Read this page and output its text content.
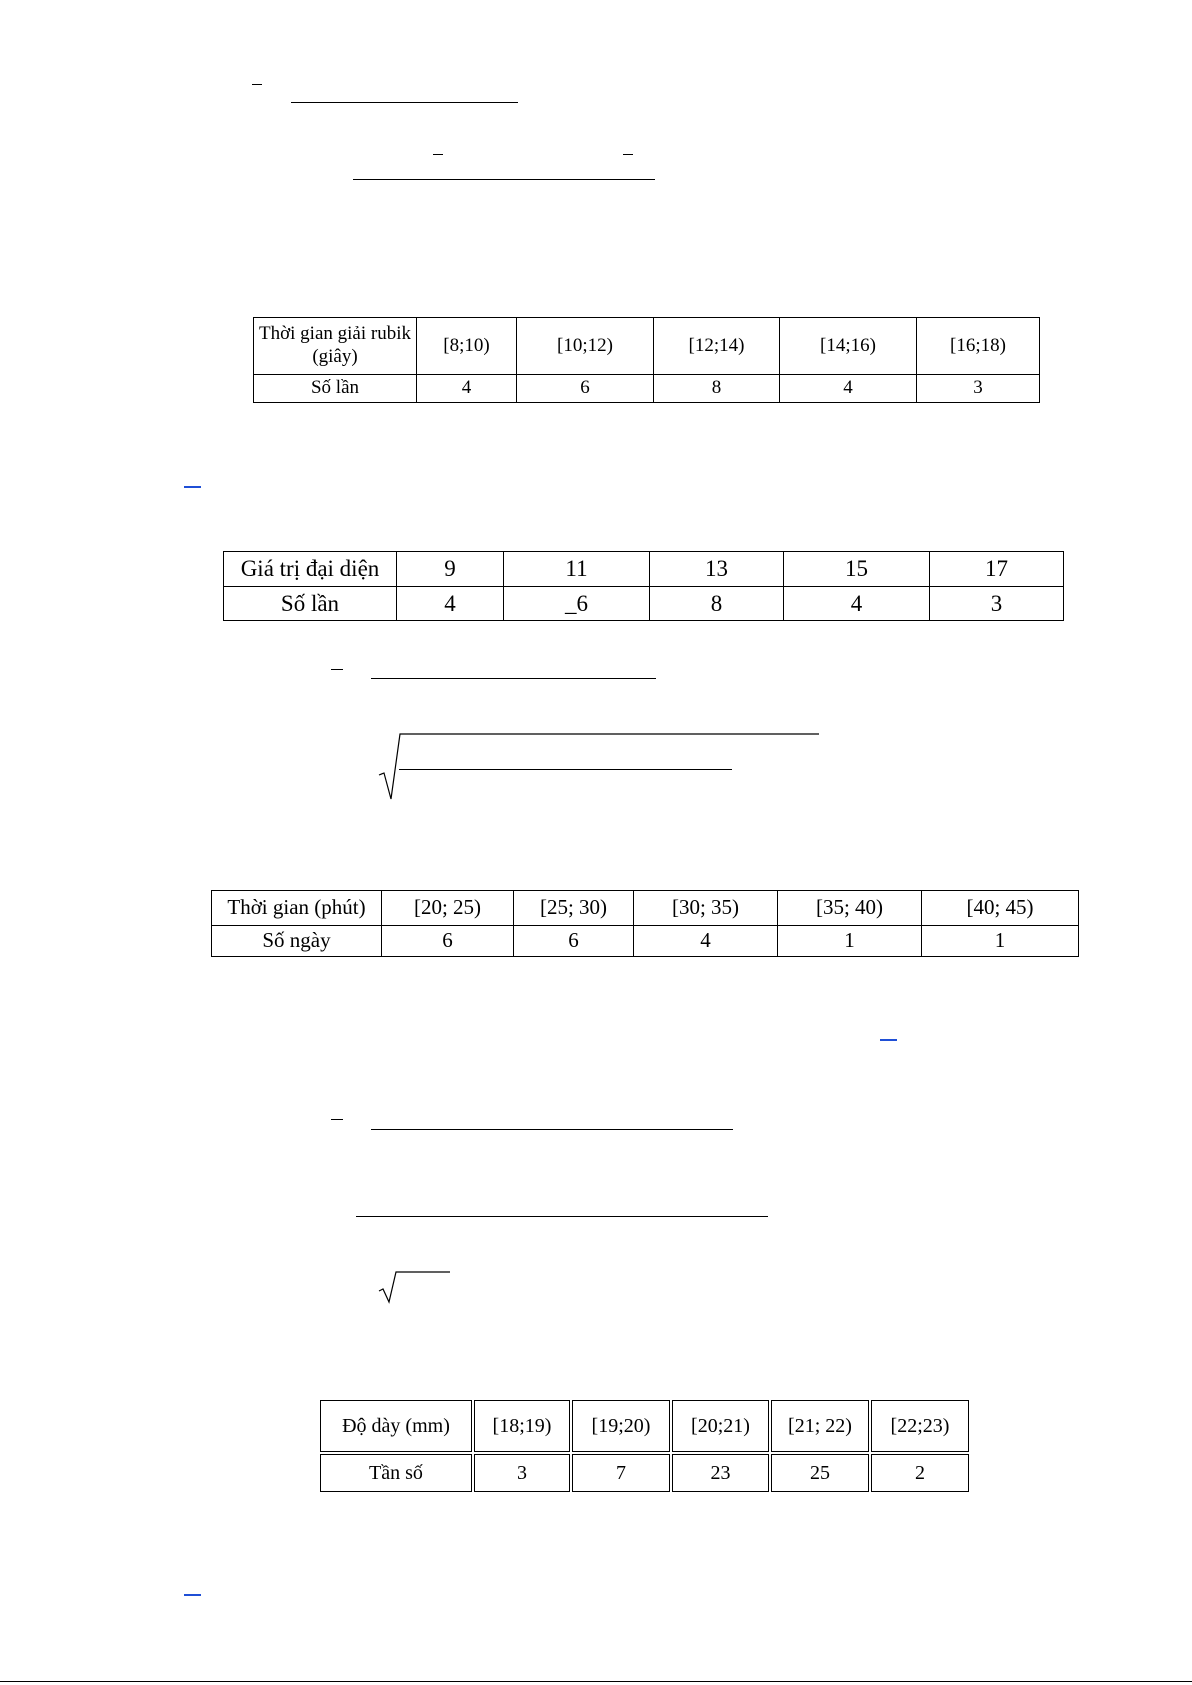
Thời gian giải rubik (giây)	[8;10)	[10;12)	[12;14)	[14;16)	[16;18)
Số lần	4	6	8	4	3
Giá trị đại diện	9	11	13	15	17
Số lần	4	_6	8	4	3
Thời gian (phút)	[20; 25)	[25; 30)	[30; 35)	[35; 40)	[40; 45)
Số ngày	6	6	4	1	1
Độ dày (mm)	[18;19)	[19;20)	[20;21)	[21; 22)	[22;23)
Tần số	3	7	23	25	2
